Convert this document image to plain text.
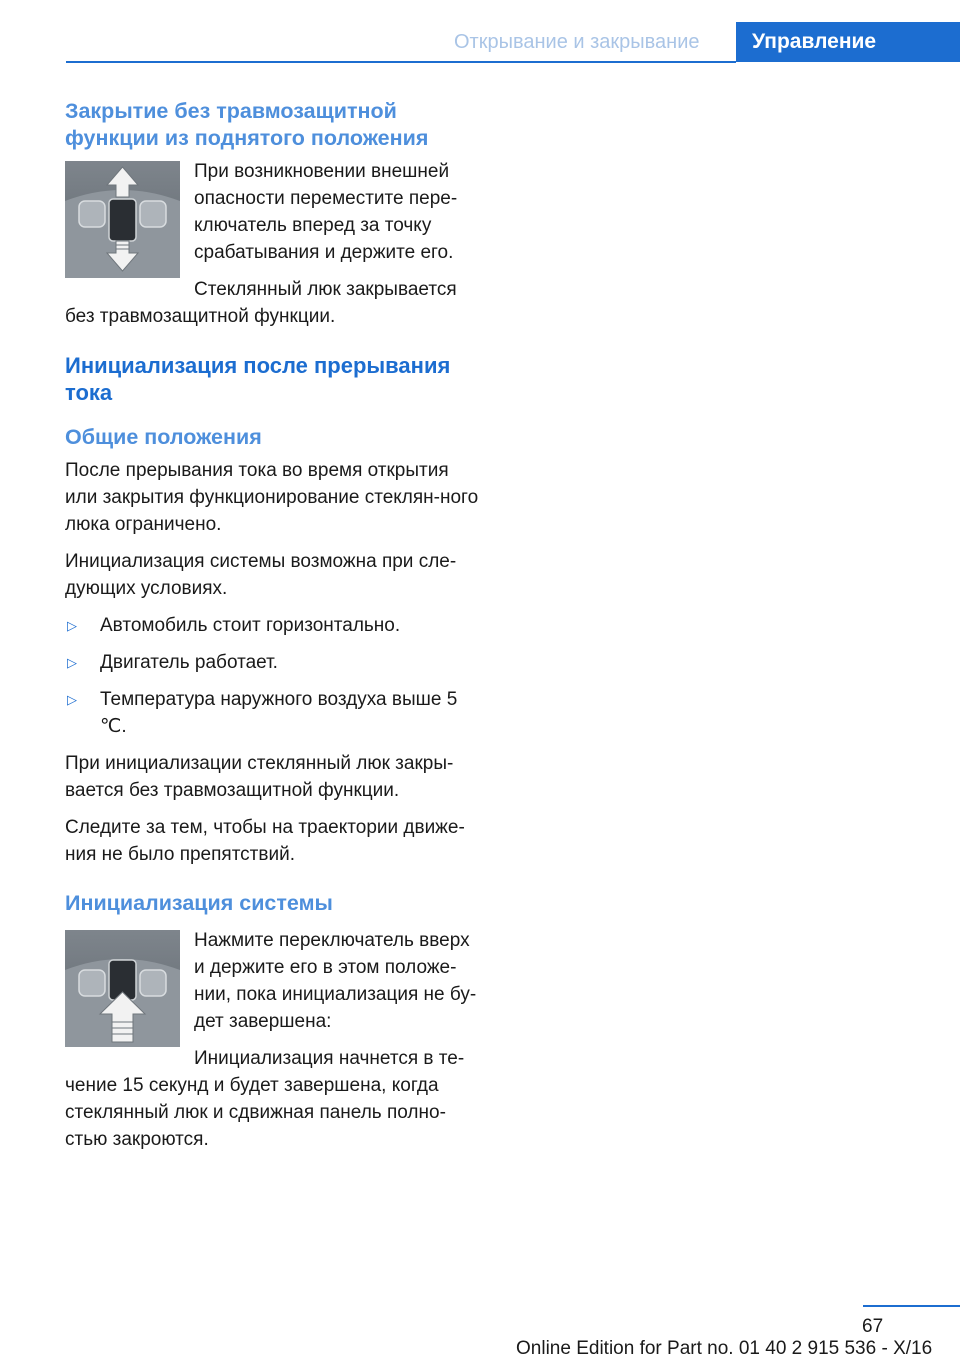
Открывание и закрывание	Управление
Закрытие без травмозащитной функции из поднятого положения

При возникновении внешней опасности переместите пере-ключатель вперед за точку срабатывания и держите его.

Стеклянный люк закрывается без травмозащитной функции.

Инициализация после прерывания тока
Общие положения

После прерывания тока во время открытия или закрытия функционирование стеклян-ного люка ограничено.

Инициализация системы возможна при сле-дующих условиях.

▷ Автомобиль стоит горизонтально.
▷ Двигатель работает.
▷ Температура наружного воздуха выше 5 ℃.

При инициализации стеклянный люк закры-вается без травмозащитной функции.

Следите за тем, чтобы на траектории движе-ния не было препятствий.

Инициализация системы

Нажмите переключатель вверх и держите его в этом положе-нии, пока инициализация не бу-дет завершена:

Инициализация начнется в те-чение 15 секунд и будет завершена, когда стеклянный люк и сдвижная панель полно-стью закроются.

67
Online Edition for Part no. 01 40 2 915 536 - X/16
